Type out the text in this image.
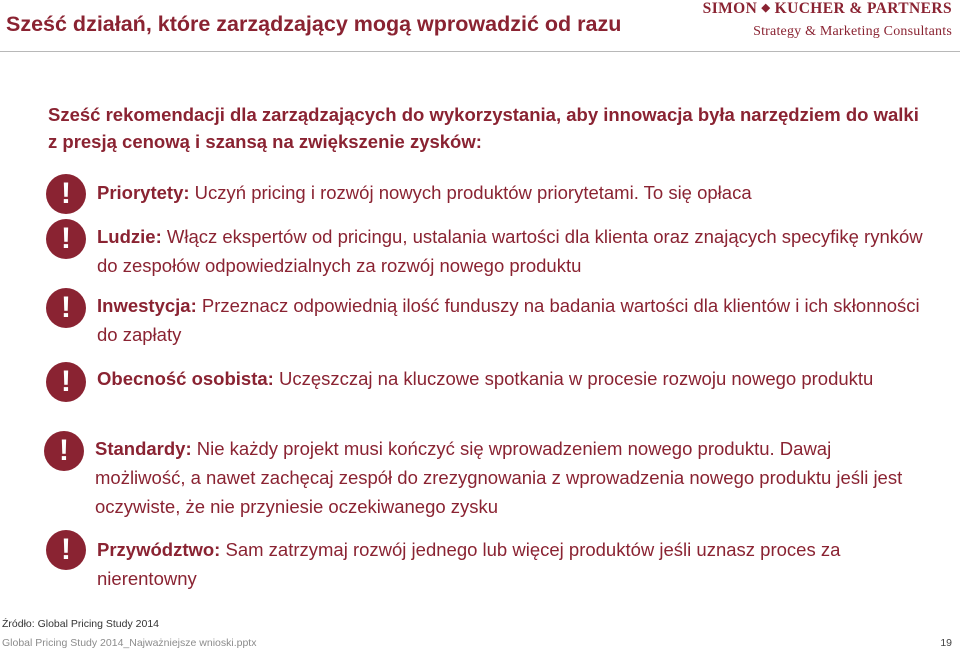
Sześć działań, które zarządzający mogą wprowadzić od razu
SIMON ◆ KUCHER & PARTNERS
Strategy & Marketing Consultants

Sześć rekomendacji dla zarządzających do wykorzystania, aby innowacja była narzędziem do walki z presją cenową i szansą na zwiększenie zysków:

!	Priorytety: Uczyń pricing i rozwój nowych produktów priorytetami. To się opłaca
!	Ludzie: Włącz ekspertów od pricingu, ustalania wartości dla klienta oraz znających specyfikę rynków do zespołów odpowiedzialnych za rozwój nowego produktu
!	Inwestycja: Przeznacz odpowiednią ilość funduszy na badania wartości dla klientów i ich skłonności do zapłaty
!	Obecność osobista: Uczęszczaj na kluczowe spotkania w procesie rozwoju nowego produktu
!	Standardy: Nie każdy projekt musi kończyć się wprowadzeniem nowego produktu. Dawaj możliwość, a nawet zachęcaj zespół do zrezygnowania z wprowadzenia nowego produktu jeśli jest oczywiste, że nie przyniesie oczekiwanego zysku
!	Przywództwo: Sam zatrzymaj rozwój jednego lub więcej produktów jeśli uznasz proces za nierentowny
Źródło: Global Pricing Study 2014
Global Pricing Study 2014_Najważniejsze wnioski.pptx	19
